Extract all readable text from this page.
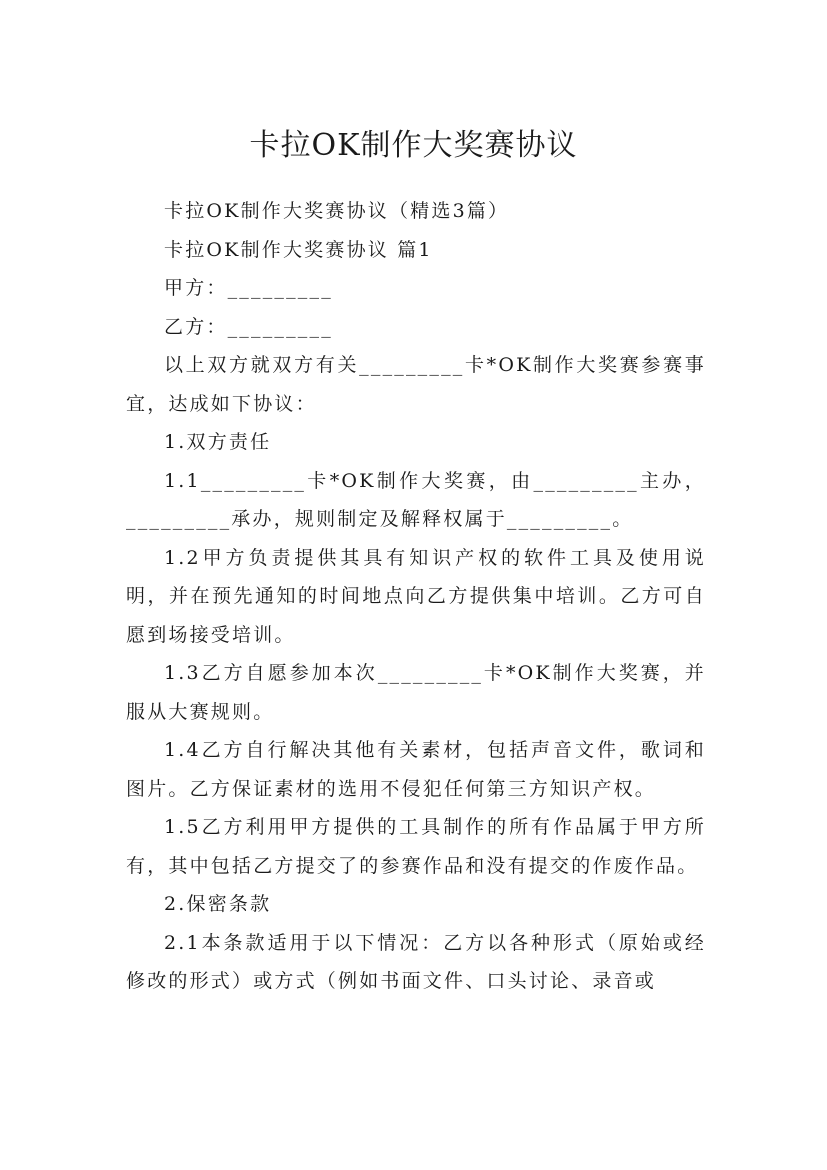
卡拉OK制作大奖赛协议

卡拉OK制作大奖赛协议（精选3篇）

卡拉OK制作大奖赛协议 篇1

甲方：_________

乙方：_________

以上双方就双方有关_________卡*OK制作大奖赛参赛事宜，达成如下协议：

1.双方责任

1.1_________卡*OK制作大奖赛，由_________主办，_________承办，规则制定及解释权属于_________。

1.2甲方负责提供其具有知识产权的软件工具及使用说明，并在预先通知的时间地点向乙方提供集中培训。乙方可自愿到场接受培训。

1.3乙方自愿参加本次_________卡*OK制作大奖赛，并服从大赛规则。

1.4乙方自行解决其他有关素材，包括声音文件，歌词和图片。乙方保证素材的选用不侵犯任何第三方知识产权。

1.5乙方利用甲方提供的工具制作的所有作品属于甲方所有，其中包括乙方提交了的参赛作品和没有提交的作废作品。

2.保密条款

2.1本条款适用于以下情况：乙方以各种形式（原始或经修改的形式）或方式（例如书面文件、口头讨论、录音或
